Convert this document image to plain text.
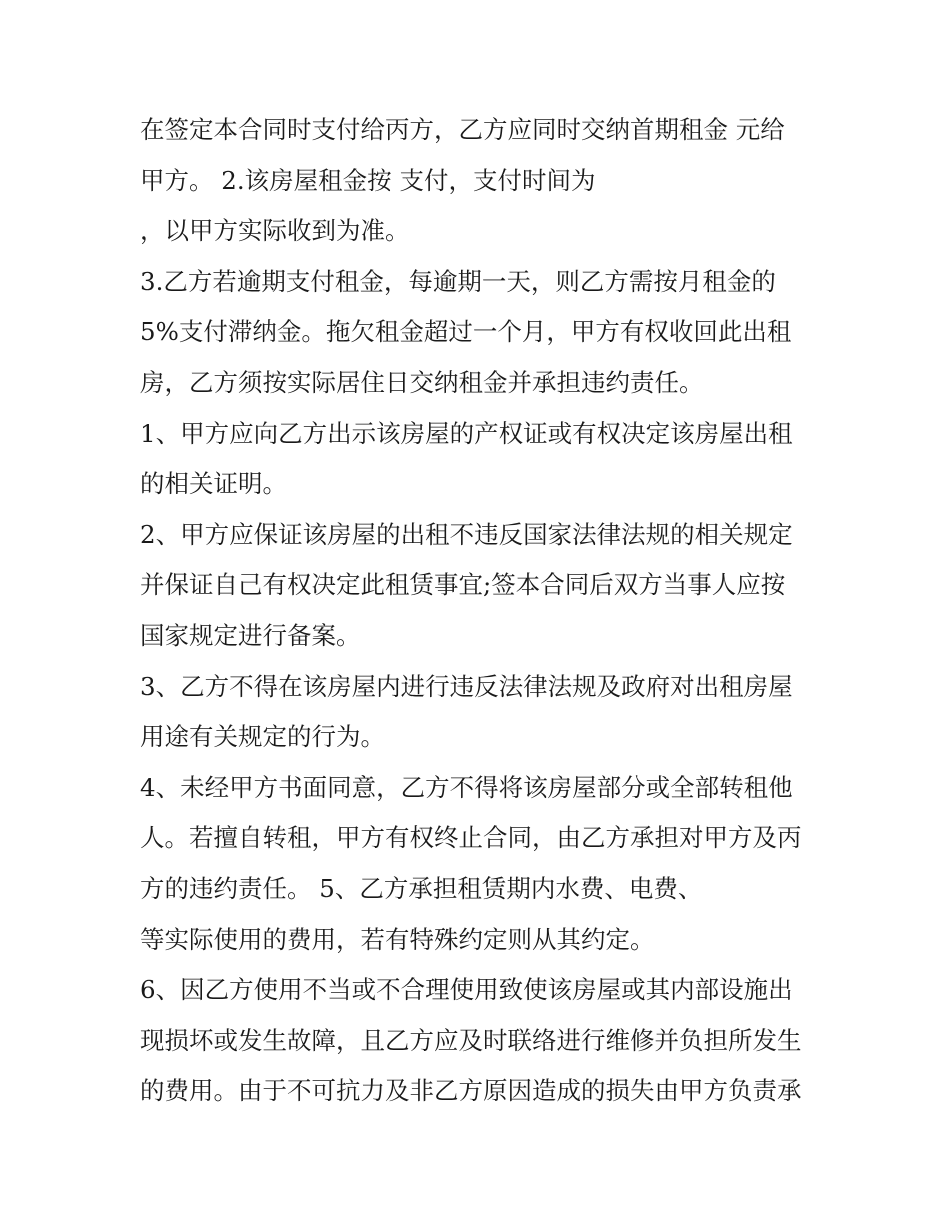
在签定本合同时支付给丙方，乙方应同时交纳首期租金 元给
甲方。 2.该房屋租金按 支付，支付时间为
，以甲方实际收到为准。
3.乙方若逾期支付租金，每逾期一天，则乙方需按月租金的
5%支付滞纳金。拖欠租金超过一个月，甲方有权收回此出租
房，乙方须按实际居住日交纳租金并承担违约责任。
1、甲方应向乙方出示该房屋的产权证或有权决定该房屋出租
的相关证明。
2、甲方应保证该房屋的出租不违反国家法律法规的相关规定
并保证自己有权决定此租赁事宜;签本合同后双方当事人应按
国家规定进行备案。
3、乙方不得在该房屋内进行违反法律法规及政府对出租房屋
用途有关规定的行为。
4、未经甲方书面同意，乙方不得将该房屋部分或全部转租他
人。若擅自转租，甲方有权终止合同，由乙方承担对甲方及丙
方的违约责任。 5、乙方承担租赁期内水费、电费、
等实际使用的费用，若有特殊约定则从其约定。
6、因乙方使用不当或不合理使用致使该房屋或其内部设施出
现损坏或发生故障，且乙方应及时联络进行维修并负担所发生
的费用。由于不可抗力及非乙方原因造成的损失由甲方负责承
